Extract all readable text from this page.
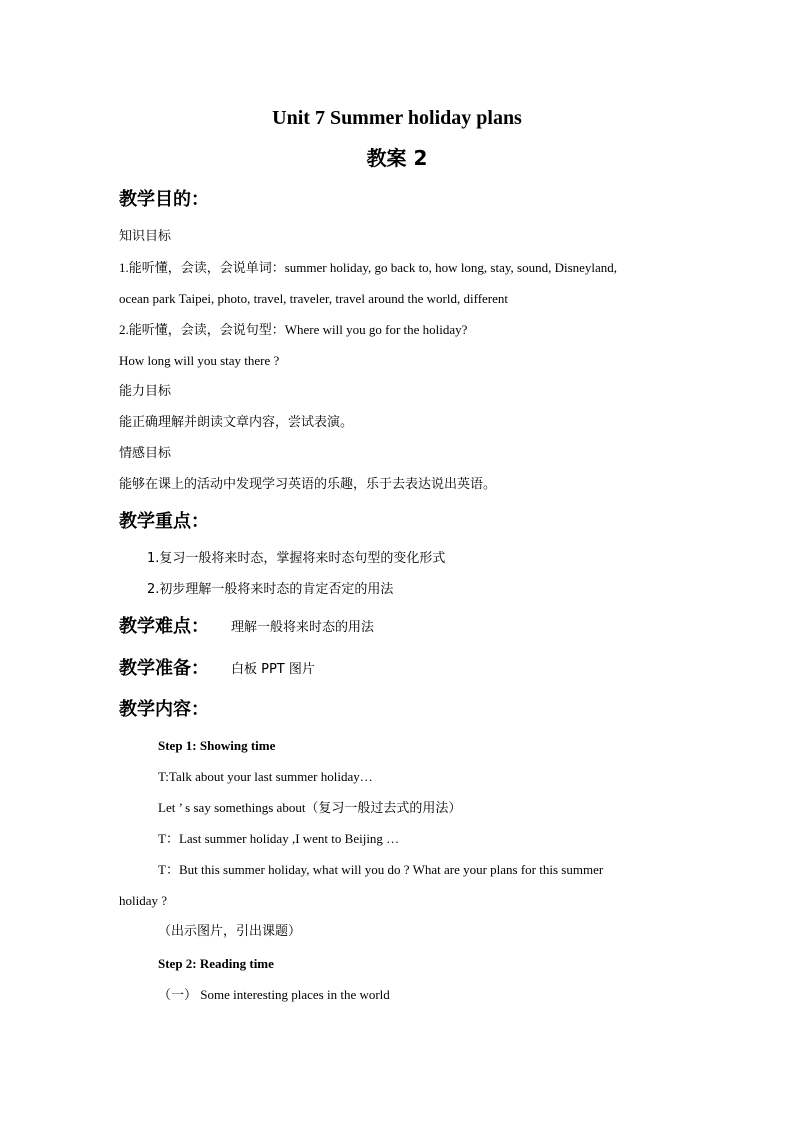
Unit 7 Summer holiday plans
教案 2
教学目的：
知识目标
1.能听懂，会读，会说单词：summer holiday, go back to, how long, stay, sound, Disneyland,
ocean park Taipei, photo, travel, traveler, travel around the world, different
2.能听懂，会读，会说句型：Where will you go for the holiday?
How long will you stay there ?
能力目标
能正确理解并朗读文章内容，尝试表演。
情感目标
能够在课上的活动中发现学习英语的乐趣，乐于去表达说出英语。
教学重点：
1.复习一般将来时态，掌握将来时态句型的变化形式
2.初步理解一般将来时态的肯定否定的用法
教学难点： 理解一般将来时态的用法
教学准备： 白板 PPT 图片
教学内容：
Step 1: Showing time
T:Talk about your last summer holiday…
Let ’ s say somethings about（复习一般过去式的用法）
T：Last summer holiday ,I went to Beijing …
T：But this summer holiday, what will you do ? What are your plans for this summer
holiday ?
（出示图片，引出课题）
Step 2: Reading time
（一） Some interesting places in the world
